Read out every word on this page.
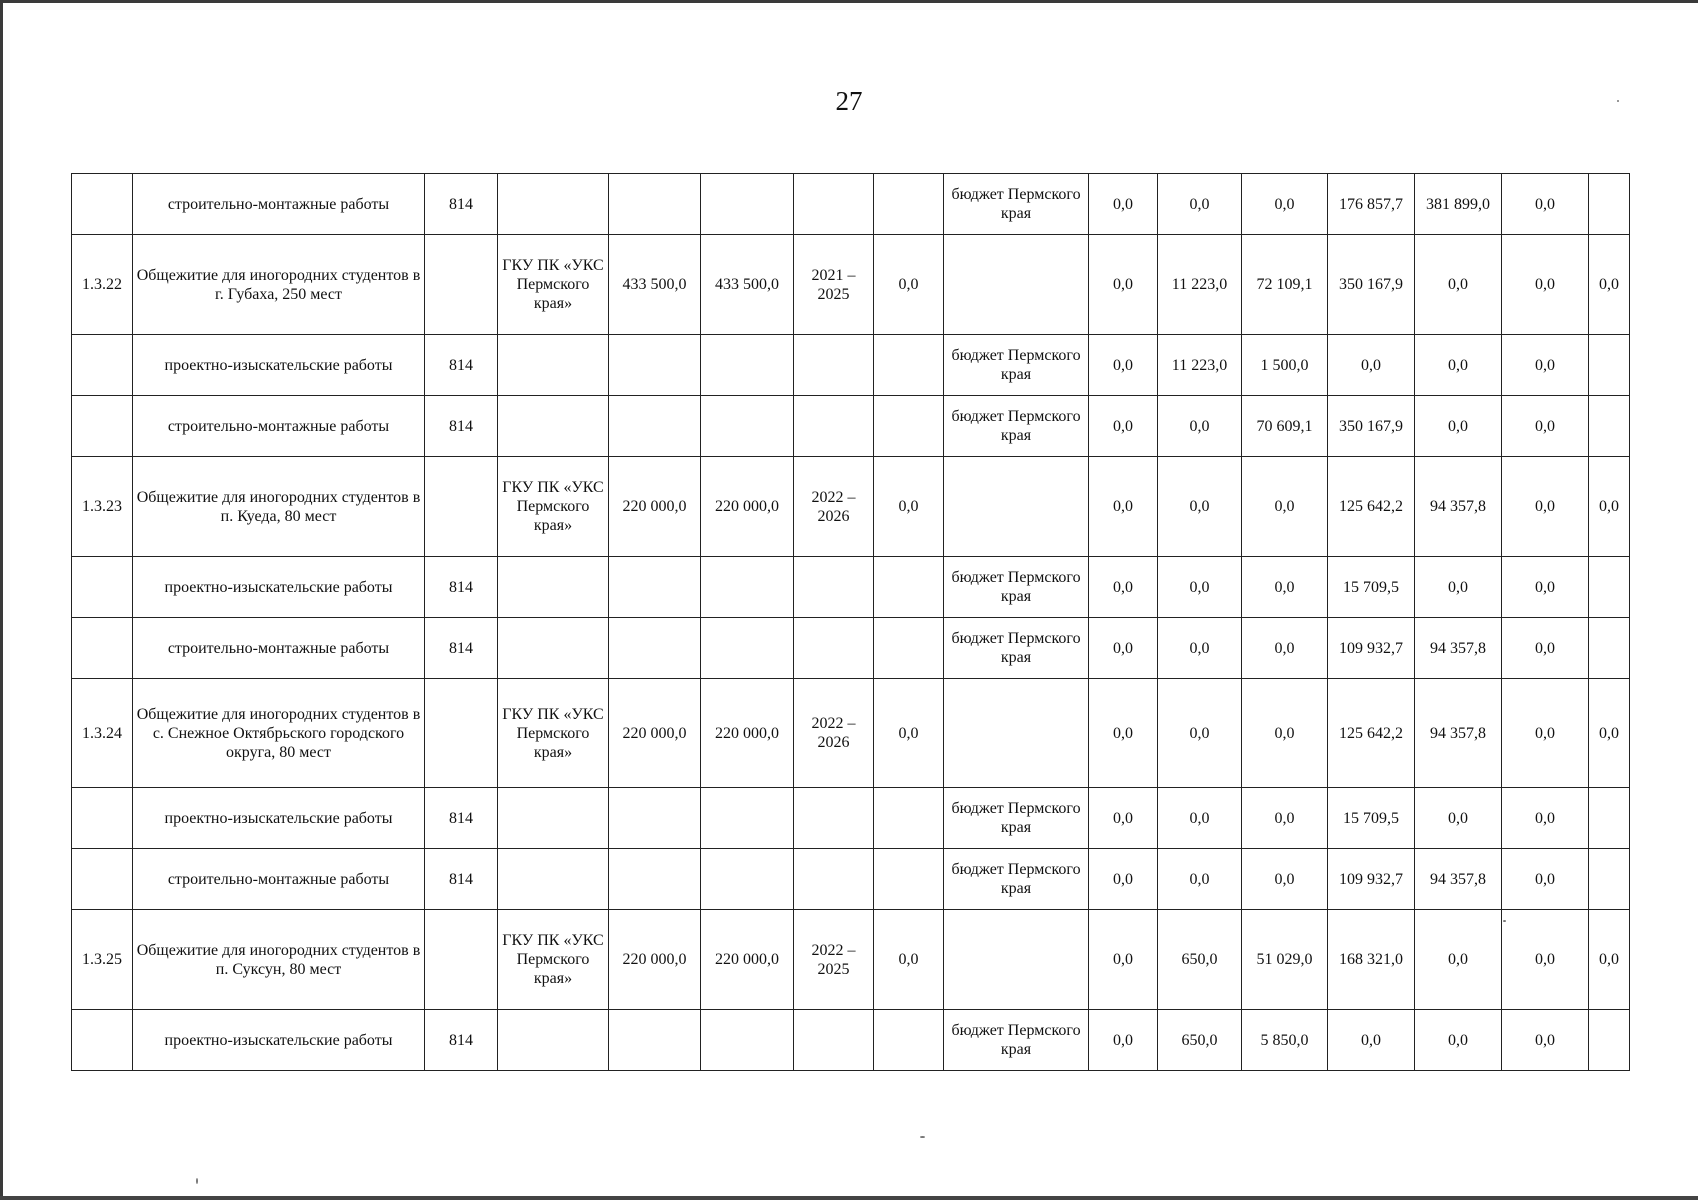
27
	строительно-монтажные работы	814						бюджет Пермского края	0,0	0,0	0,0	176 857,7	381 899,0	0,0	
1.3.22	Общежитие для иногородних студентов в г. Губаха, 250 мест		ГКУ ПК «УКС Пермского края»	433 500,0	433 500,0	2021 – 2025	0,0		0,0	11 223,0	72 109,1	350 167,9	0,0	0,0	0,0
	проектно-изыскательские работы	814						бюджет Пермского края	0,0	11 223,0	1 500,0	0,0	0,0	0,0	
	строительно-монтажные работы	814						бюджет Пермского края	0,0	0,0	70 609,1	350 167,9	0,0	0,0	
1.3.23	Общежитие для иногородних студентов в п. Куеда, 80 мест		ГКУ ПК «УКС Пермского края»	220 000,0	220 000,0	2022 – 2026	0,0		0,0	0,0	0,0	125 642,2	94 357,8	0,0	0,0
	проектно-изыскательские работы	814						бюджет Пермского края	0,0	0,0	0,0	15 709,5	0,0	0,0	
	строительно-монтажные работы	814						бюджет Пермского края	0,0	0,0	0,0	109 932,7	94 357,8	0,0	
1.3.24	Общежитие для иногородних студентов в с. Снежное Октябрьского городского округа, 80 мест		ГКУ ПК «УКС Пермского края»	220 000,0	220 000,0	2022 – 2026	0,0		0,0	0,0	0,0	125 642,2	94 357,8	0,0	0,0
	проектно-изыскательские работы	814						бюджет Пермского края	0,0	0,0	0,0	15 709,5	0,0	0,0	
	строительно-монтажные работы	814						бюджет Пермского края	0,0	0,0	0,0	109 932,7	94 357,8	0,0	
1.3.25	Общежитие для иногородних студентов в п. Суксун, 80 мест		ГКУ ПК «УКС Пермского края»	220 000,0	220 000,0	2022 – 2025	0,0		0,0	650,0	51 029,0	168 321,0	0,0	0,0	0,0
	проектно-изыскательские работы	814						бюджет Пермского края	0,0	650,0	5 850,0	0,0	0,0	0,0	
